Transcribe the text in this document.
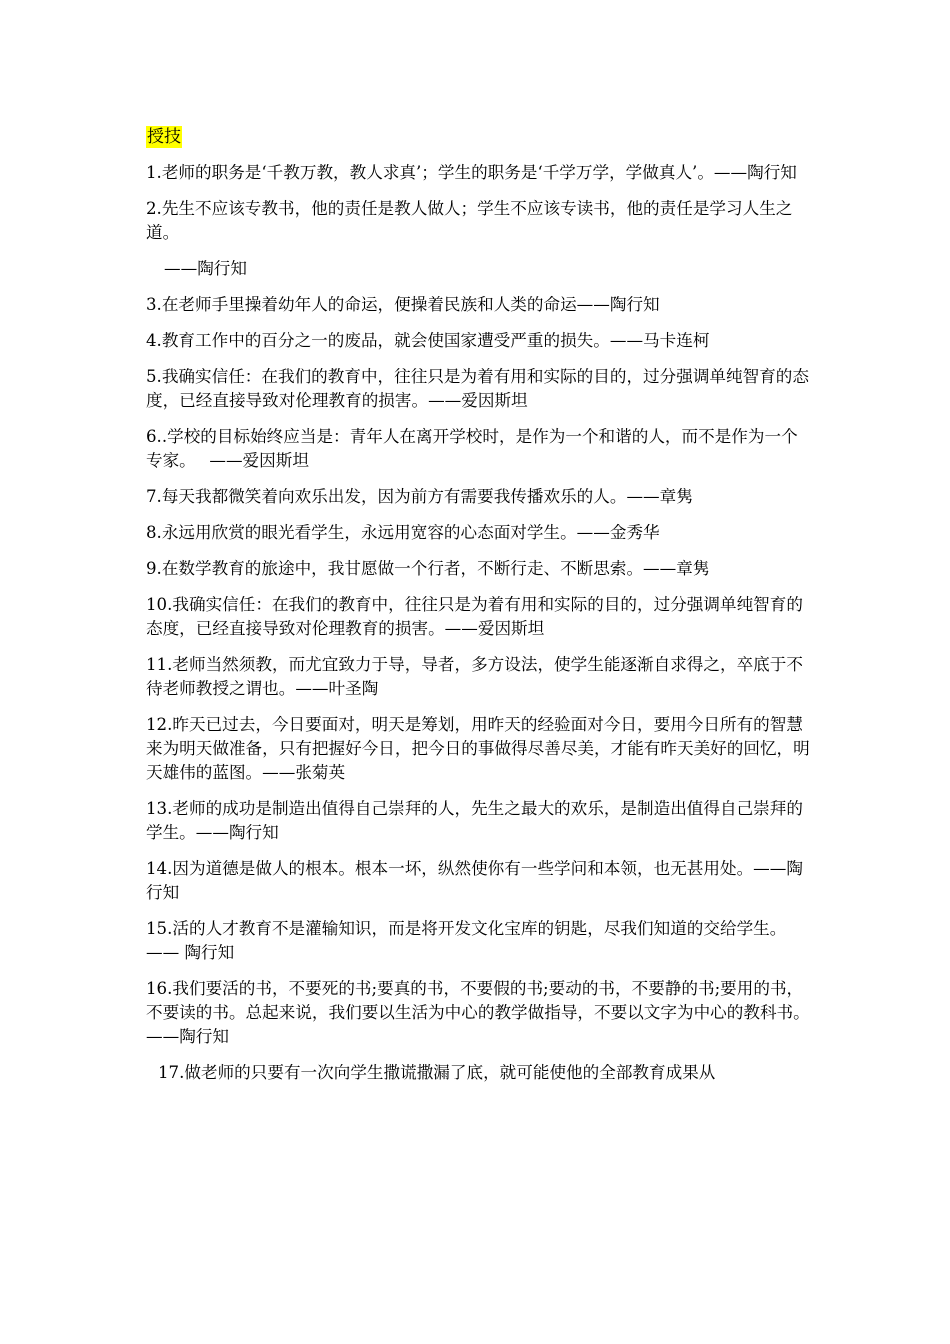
授技

1.老师的职务是‘千教万教，教人求真’；学生的职务是‘千学万学，学做真人’。——陶行知

2.先生不应该专教书，他的责任是教人做人；学生不应该专读书，他的责任是学习人生之道。

——陶行知

3.在老师手里操着幼年人的命运，便操着民族和人类的命运——陶行知

4.教育工作中的百分之一的废品，就会使国家遭受严重的损失。——马卡连柯

5.我确实信任：在我们的教育中，往往只是为着有用和实际的目的，过分强调单纯智育的态度，已经直接导致对伦理教育的损害。——爱因斯坦

6..学校的目标始终应当是：青年人在离开学校时，是作为一个和谐的人，而不是作为一个专家。　 ——爱因斯坦

7.每天我都微笑着向欢乐出发，因为前方有需要我传播欢乐的人。——章隽

8.永远用欣赏的眼光看学生，永远用宽容的心态面对学生。——金秀华

9.在数学教育的旅途中，我甘愿做一个行者，不断行走、不断思索。——章隽

10.我确实信任：在我们的教育中，往往只是为着有用和实际的目的，过分强调单纯智育的态度，已经直接导致对伦理教育的损害。——爱因斯坦

11.老师当然须教，而尤宜致力于导，导者，多方设法，使学生能逐渐自求得之，卒底于不待老师教授之谓也。——叶圣陶

12.昨天已过去，今日要面对，明天是筹划，用昨天的经验面对今日，要用今日所有的智慧来为明天做准备，只有把握好今日，把今日的事做得尽善尽美，才能有昨天美好的回忆，明天雄伟的蓝图。——张菊英

13.老师的成功是制造出值得自己崇拜的人，先生之最大的欢乐，是制造出值得自己崇拜的学生。——陶行知

14.因为道德是做人的根本。根本一坏，纵然使你有一些学问和本领，也无甚用处。——陶行知

15.活的人才教育不是灌输知识，而是将开发文化宝库的钥匙，尽我们知道的交给学生。—— 陶行知

16.我们要活的书，不要死的书;要真的书，不要假的书;要动的书，不要静的书;要用的书，不要读的书。总起来说，我们要以生活为中心的教学做指导，不要以文字为中心的教科书。——陶行知

17.做老师的只要有一次向学生撒谎撒漏了底，就可能使他的全部教育成果从
